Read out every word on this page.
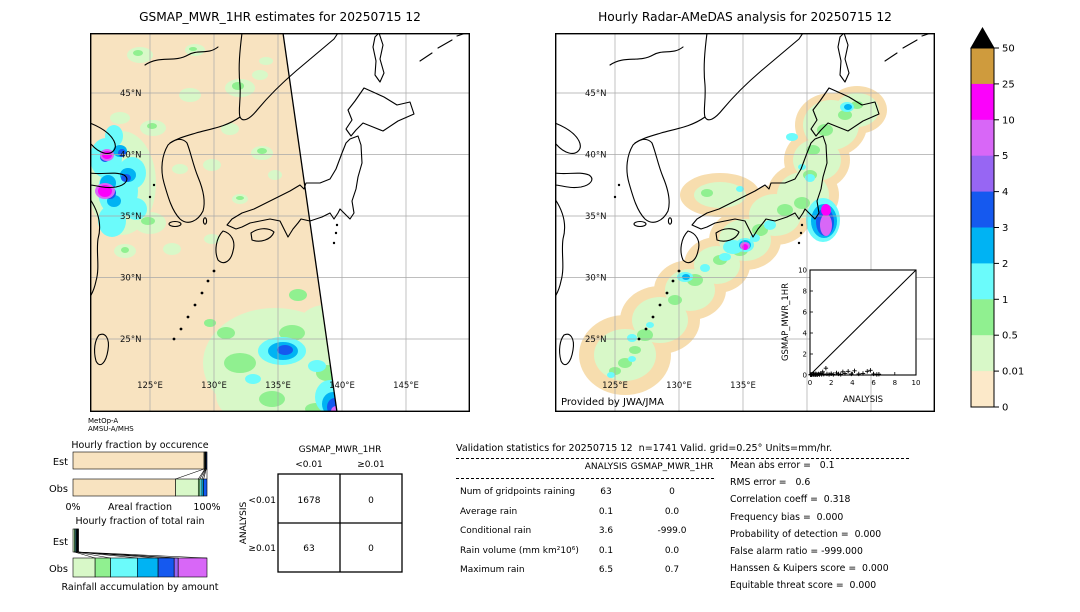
GSMAP_MWR_1HR estimates for 20250715 12	Hourly Radar-AMeDAS analysis for 20250715 12
45°N
40°N
35°N
30°N
25°N
125°E	130°E	135°E	140°E	145°E
45°N
40°N
35°N
30°N
25°N
125°E	130°E	135°E
Provided by JWA/JMA
0
0
2
2
4
4
6
6
8
8
10
10
ANALYSIS
GSMAP_MWR_1HR
50
25
10
5
4
3
2
1
0.5
0.01
0
MetOp-A
AMSU-A/MHS
Hourly fraction by occurence
Est
Obs
0%	Areal fraction 100%
Hourly fraction of total rain
Est
Obs
Rainfall accumulation by amount
GSMAP_MWR_1HR
<0.01	≥0.01
1678	0
63	0
<0.01
≥0.01
ANALYSIS
Validation statistics for 20250715 12  n=1741 Valid. grid=0.25° Units=mm/hr.
ANALYSIS GSMAP_MWR_1HR
Num of gridpoints raining	63	0
Average rain	0.1	0.0
Conditional rain	3.6	-999.0
Rain volume (mm km²10⁶)	0.1	0.0
Maximum rain	6.5	0.7
Mean abs error =   0.1
RMS error =   0.6
Correlation coeff =  0.318
Frequency bias =  0.000
Probability of detection =  0.000
False alarm ratio = -999.000
Hanssen & Kuipers score =  0.000
Equitable threat score =  0.000
